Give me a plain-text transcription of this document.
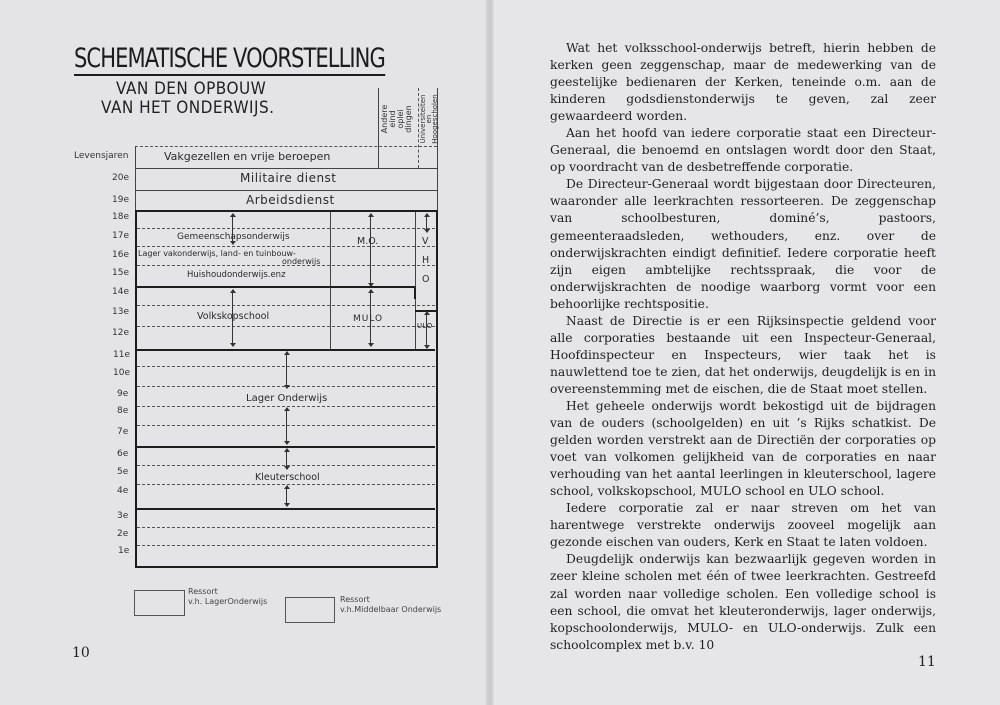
SCHEMATISCHE VOORSTELLING
VAN DEN OPBOUW
VAN HET ONDERWIJS.
Levensjaren
20e
19e
18e
17e
16e
15e
14e
13e
12e
11e
10e
9e
8e
7e
6e
5e
4e
3e
2e
1e
Andere eind oplei dingen Universiteiten
en
Hoogescholen
Vakgezellen en vrije beroepen
Militaire dienst
Arbeidsdienst
Gemeenschapsonderwijs
Lager vakonderwijs, land- en tuinbouw-
onderwijs
Huishoudonderwijs.enz
M.O.	V
H
O
Volkskopschool	MULO
ULO
Lager Onderwijs
Kleuterschool
Ressort
v.h. LagerOnderwijs	Ressort
v.h.Middelbaar Onderwijs
10

Wat het volksschool-onderwijs betreft, hierin hebben de kerken geen zeggenschap, maar de medewerking van de geestelijke bedienaren der Kerken, teneinde o.m. aan de kinderen godsdienstonderwijs te geven, zal zeer gewaardeerd worden.

Aan het hoofd van iedere corporatie staat een Directeur-Generaal, die benoemd en ontslagen wordt door den Staat, op voordracht van de desbetreffende corporatie.

De Directeur-Generaal wordt bijgestaan door Directeuren, waaronder alle leerkrachten ressorteeren. De zeggenschap van schoolbesturen, dominé’s, pastoors, gemeenteraadsleden, wethouders, enz. over de onderwijskrachten eindigt definitief. Iedere corporatie heeft zijn eigen ambtelijke rechtsspraak, die voor de onderwijskrachten de noodige waarborg vormt voor een behoorlijke rechtspositie.

Naast de Directie is er een Rijksinspectie geldend voor alle corporaties bestaande uit een Inspecteur-Generaal, Hoofdinspecteur en Inspecteurs, wier taak het is nauwlettend toe te zien, dat het onderwijs, deugdelijk is en in overeenstemming met de eischen, die de Staat moet stellen.

Het geheele onderwijs wordt bekostigd uit de bijdragen van de ouders (schoolgelden) en uit ’s Rijks schatkist. De gelden worden verstrekt aan de Directiën der corporaties op voet van volkomen gelijkheid van de corporaties en naar verhouding van het aantal leerlingen in kleuterschool, lagere school, volkskopschool, MULO school en ULO school.

Iedere corporatie zal er naar streven om het van harentwege verstrekte onderwijs zooveel mogelijk aan gezonde eischen van ouders, Kerk en Staat te laten voldoen.

Deugdelijk onderwijs kan bezwaarlijk gegeven worden in zeer kleine scholen met één of twee leerkrachten. Gestreefd zal worden naar volledige scholen. Een volledige school is een school, die omvat het kleuteronderwijs, lager onderwijs, kopschoolonderwijs, MULO- en ULO-onderwijs. Zulk een schoolcomplex met b.v. 10

11
